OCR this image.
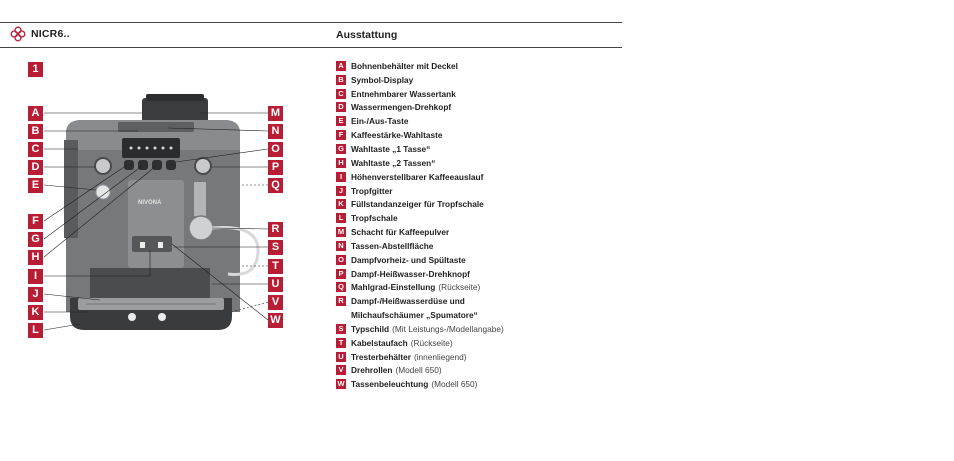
NICR6..	Ausstattung
1
NIVONA
A
B
C
D
E
F
G
H
I
J
K
L
M
N
O
P
Q
R
S
T
U
V
W
A Bohnenbehälter mit Deckel
B Symbol-Display
C Entnehmbarer Wassertank
D Wassermengen-Drehkopf
E Ein-/Aus-Taste
F Kaffeestärke-Wahltaste
G Wahltaste „1 Tasse“
H Wahltaste „2 Tassen“
I	Höhenverstellbarer Kaffeeauslauf
J Tropfgitter
K Füllstandanzeiger für Tropfschale
L Tropfschale
M Schacht für Kaffeepulver
N Tassen-Abstellfläche
O Dampfvorheiz- und Spültaste
P Dampf-Heißwasser-Drehknopf
Q Mahlgrad-Einstellung (Rückseite)
R Dampf-/Heißwasserdüse und
Milchaufschäumer „Spumatore“
S Typschild (Mit Leistungs-/Modellangabe)
T Kabelstaufach (Rückseite)
U Tresterbehälter (innenliegend)
V Drehrollen (Modell 650)
W Tassenbeleuchtung (Modell 650)
